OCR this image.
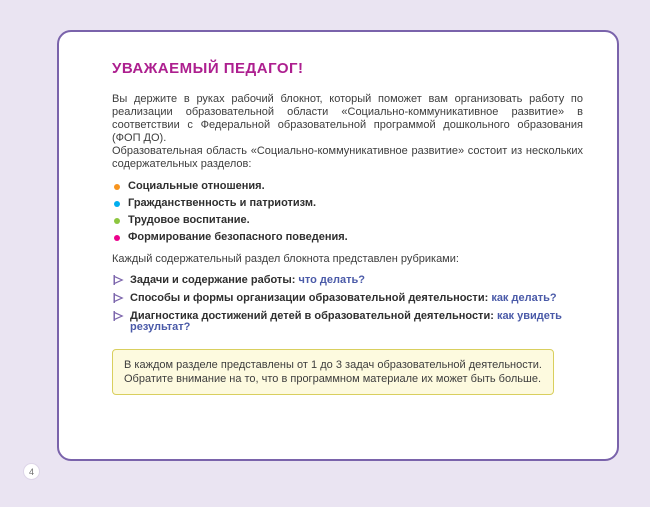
УВАЖАЕМЫЙ ПЕДАГОГ!

Вы держите в руках рабочий блокнот, который поможет вам организовать работу по реализации образовательной области «Социально-коммуникативное развитие» в соответствии с Федеральной образовательной программой дошкольного образования (ФОП ДО).

Образовательная область «Социально-коммуникативное развитие» состоит из нескольких содержательных разделов:

Социальные отношения.
Гражданственность и патриотизм.
Трудовое воспитание.
Формирование безопасного поведения.

Каждый содержательный раздел блокнота представлен рубриками:

Задачи и содержание работы: что делать?
Способы и формы организации образовательной деятельности: как делать?
Диагностика достижений детей в образовательной деятельности: как увидеть результат?

В каждом разделе представлены от 1 до 3 задач образовательной деятельности. Обратите внимание на то, что в программном материале их может быть больше.

4
